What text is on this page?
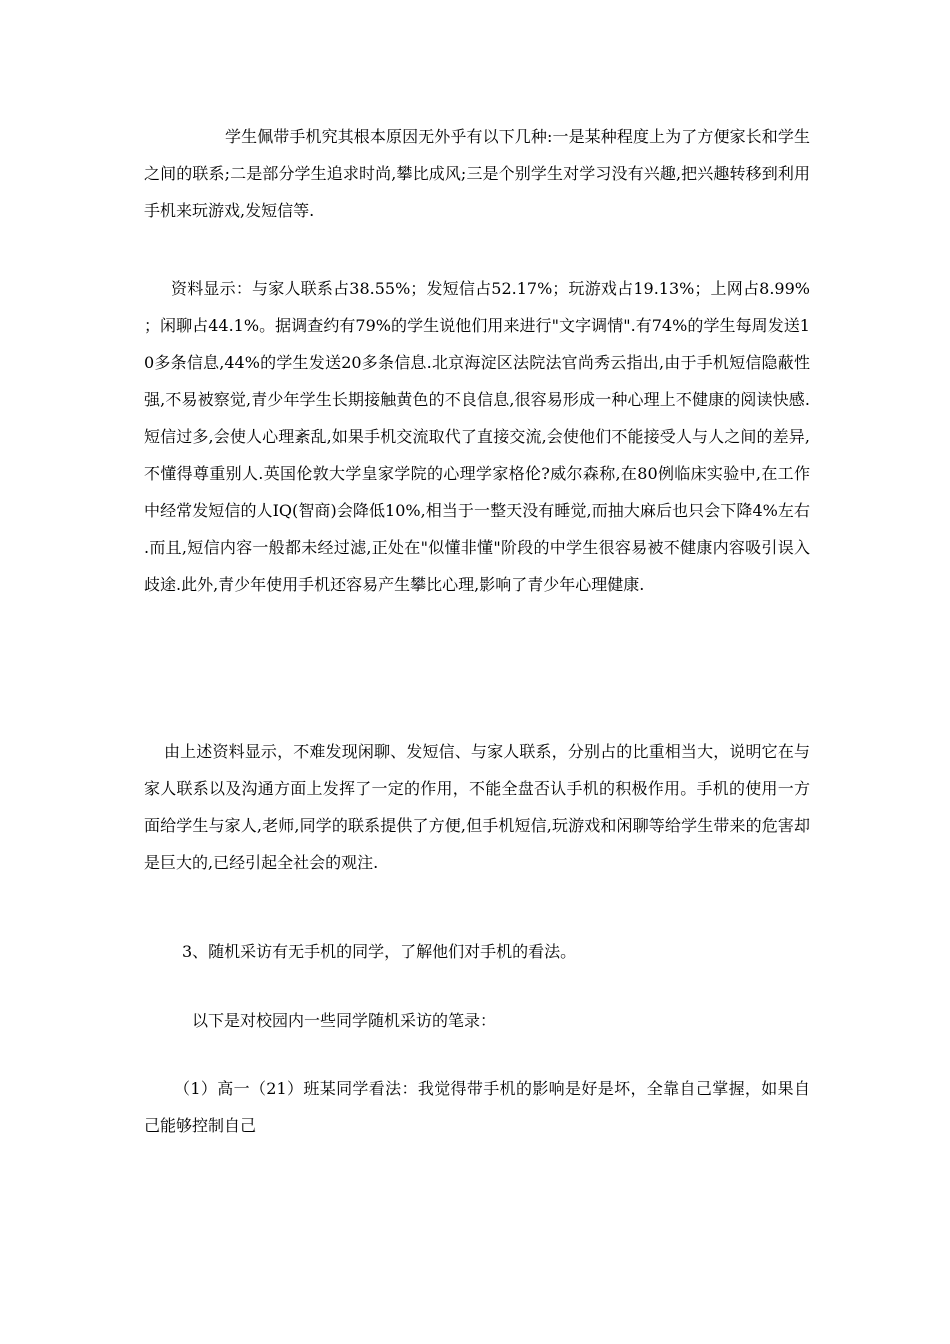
学生佩带手机究其根本原因无外乎有以下几种:一是某种程度上为了方便家长和学生之间的联系;二是部分学生追求时尚,攀比成风;三是个别学生对学习没有兴趣,把兴趣转移到利用手机来玩游戏,发短信等.

资料显示：与家人联系占38.55%；发短信占52.17%；玩游戏占19.13%；上网占8.99%；闲聊占44.1%。据调查约有79%的学生说他们用来进行"文字调情".有74%的学生每周发送10多条信息,44%的学生发送20多条信息.北京海淀区法院法官尚秀云指出,由于手机短信隐蔽性强,不易被察觉,青少年学生长期接触黄色的不良信息,很容易形成一种心理上不健康的阅读快感.短信过多,会使人心理紊乱,如果手机交流取代了直接交流,会使他们不能接受人与人之间的差异,不懂得尊重别人.英国伦敦大学皇家学院的心理学家格伦?威尔森称,在80例临床实验中,在工作中经常发短信的人IQ(智商)会降低10%,相当于一整天没有睡觉,而抽大麻后也只会下降4%左右.而且,短信内容一般都未经过滤,正处在"似懂非懂"阶段的中学生很容易被不健康内容吸引误入歧途.此外,青少年使用手机还容易产生攀比心理,影响了青少年心理健康.

由上述资料显示，不难发现闲聊、发短信、与家人联系，分别占的比重相当大，说明它在与家人联系以及沟通方面上发挥了一定的作用，不能全盘否认手机的积极作用。手机的使用一方面给学生与家人,老师,同学的联系提供了方便,但手机短信,玩游戏和闲聊等给学生带来的危害却是巨大的,已经引起全社会的观注.

3、随机采访有无手机的同学，了解他们对手机的看法。

以下是对校园内一些同学随机采访的笔录：

（1）高一（21）班某同学看法：我觉得带手机的影响是好是坏，全靠自己掌握，如果自己能够控制自己
